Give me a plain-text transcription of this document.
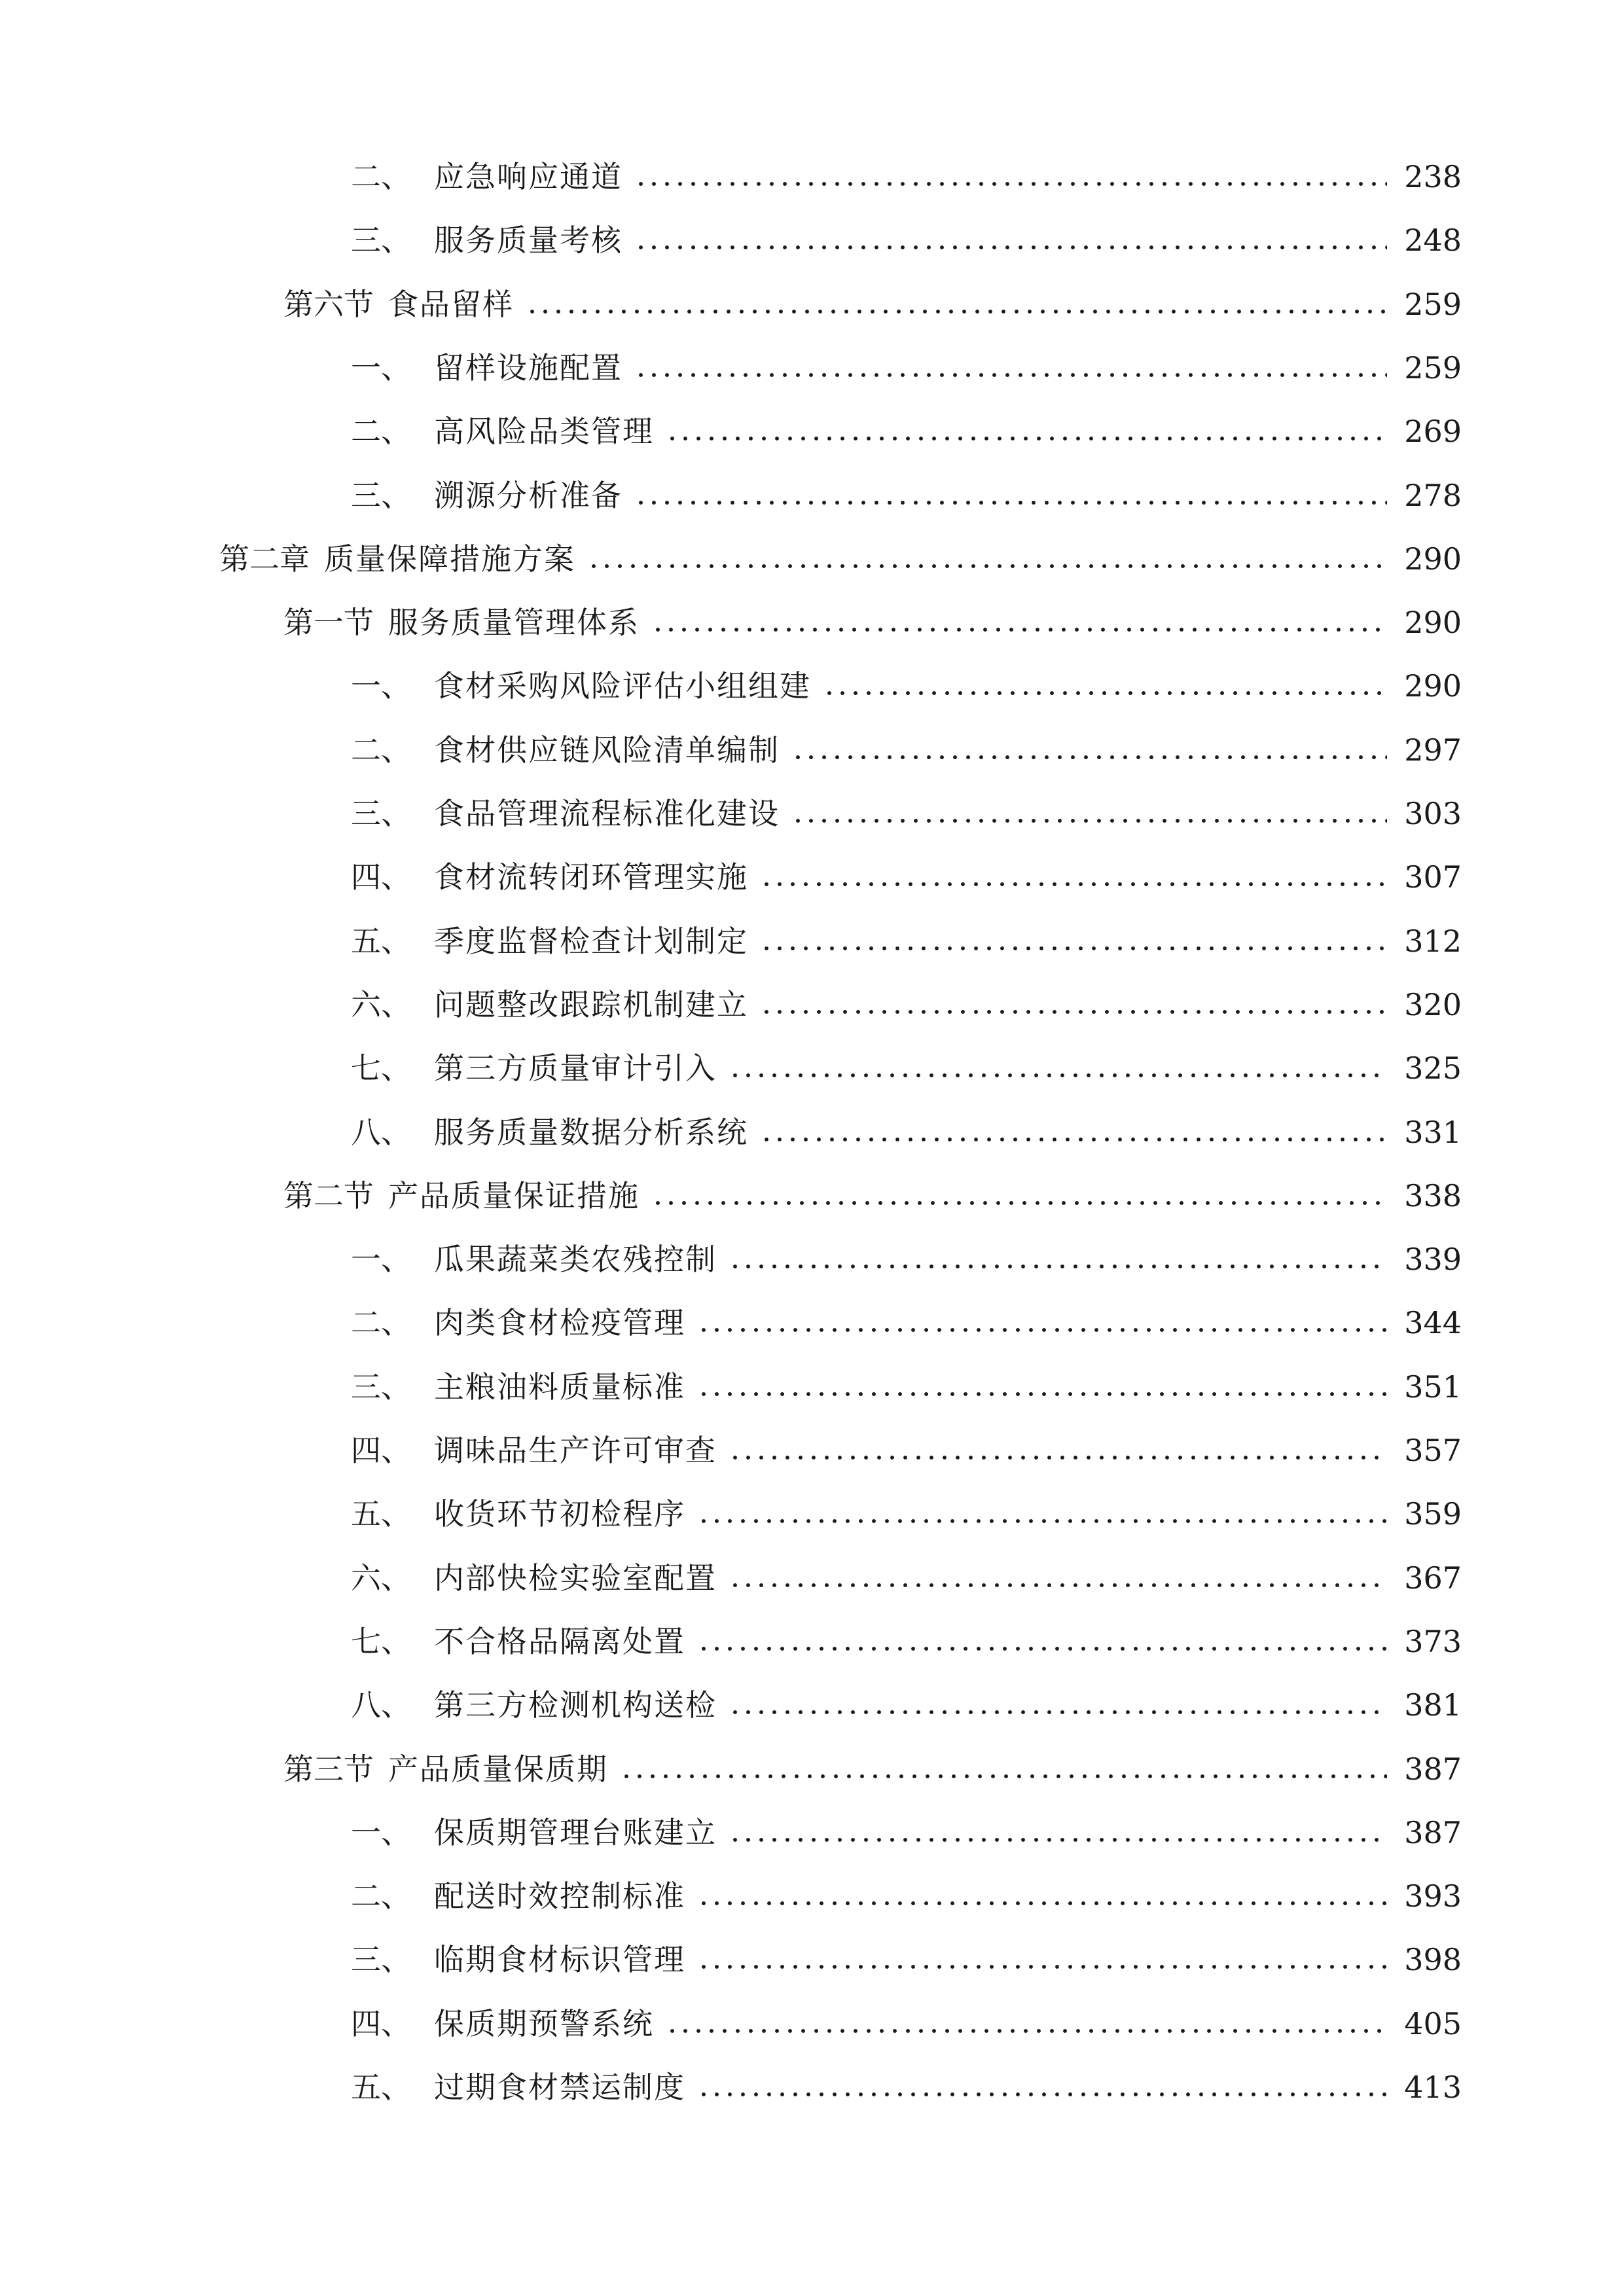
二、 应急响应通道	238
三、 服务质量考核	248
第六节 食品留样	259
一、 留样设施配置	259
二、 高风险品类管理	269
三、 溯源分析准备	278
第二章 质量保障措施方案	290
第一节 服务质量管理体系	290
一、 食材采购风险评估小组组建	290
二、 食材供应链风险清单编制	297
三、 食品管理流程标准化建设	303
四、 食材流转闭环管理实施	307
五、 季度监督检查计划制定	312
六、 问题整改跟踪机制建立	320
七、 第三方质量审计引入	325
八、 服务质量数据分析系统	331
第二节 产品质量保证措施	338
一、 瓜果蔬菜类农残控制	339
二、 肉类食材检疫管理	344
三、 主粮油料质量标准	351
四、 调味品生产许可审查	357
五、 收货环节初检程序	359
六、 内部快检实验室配置	367
七、 不合格品隔离处置	373
八、 第三方检测机构送检	381
第三节 产品质量保质期	387
一、 保质期管理台账建立	387
二、 配送时效控制标准	393
三、 临期食材标识管理	398
四、 保质期预警系统	405
五、 过期食材禁运制度	413
